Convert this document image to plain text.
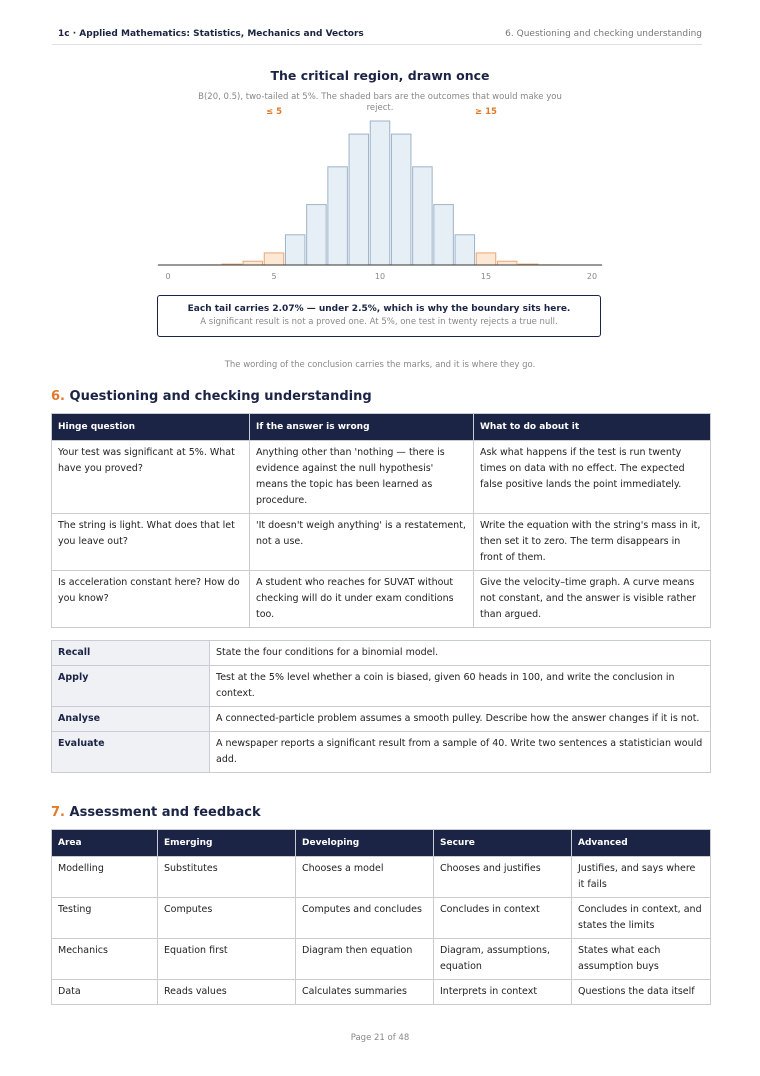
1c · Applied Mathematics: Statistics, Mechanics and Vectors	6. Questioning and checking understanding
The critical region, drawn once
B(20, 0.5), two-tailed at 5%. The shaded bars are the outcomes that would make you reject.
0	5	10	15	20
≤ 5	≥ 15
Each tail carries 2.07% — under 2.5%, which is why the boundary sits here.
A significant result is not a proved one. At 5%, one test in twenty rejects a true null.
The wording of the conclusion carries the marks, and it is where they go.
6. Questioning and checking understanding
Hinge question	If the answer is wrong	What to do about it
Your test was significant at 5%. What have you proved?	Anything other than 'nothing — there is evidence against the null hypothesis' means the topic has been learned as procedure.	Ask what happens if the test is run twenty times on data with no effect. The expected false positive lands the point immediately.
The string is light. What does that let you leave out?	'It doesn't weigh anything' is a restatement, not a use.	Write the equation with the string's mass in it, then set it to zero. The term disappears in front of them.
Is acceleration constant here? How do you know?	A student who reaches for SUVAT without checking will do it under exam conditions too.	Give the velocity–time graph. A curve means not constant, and the answer is visible rather than argued.
Recall	State the four conditions for a binomial model.
Apply	Test at the 5% level whether a coin is biased, given 60 heads in 100, and write the conclusion in context.
Analyse	A connected-particle problem assumes a smooth pulley. Describe how the answer changes if it is not.
Evaluate	A newspaper reports a significant result from a sample of 40. Write two sentences a statistician would add.
7. Assessment and feedback
Area	Emerging	Developing	Secure	Advanced
Modelling	Substitutes	Chooses a model	Chooses and justifies	Justifies, and says where it fails
Testing	Computes	Computes and concludes	Concludes in context	Concludes in context, and states the limits
Mechanics	Equation first	Diagram then equation	Diagram, assumptions, equation	States what each assumption buys
Data	Reads values	Calculates summaries	Interprets in context	Questions the data itself
Page 21 of 48
